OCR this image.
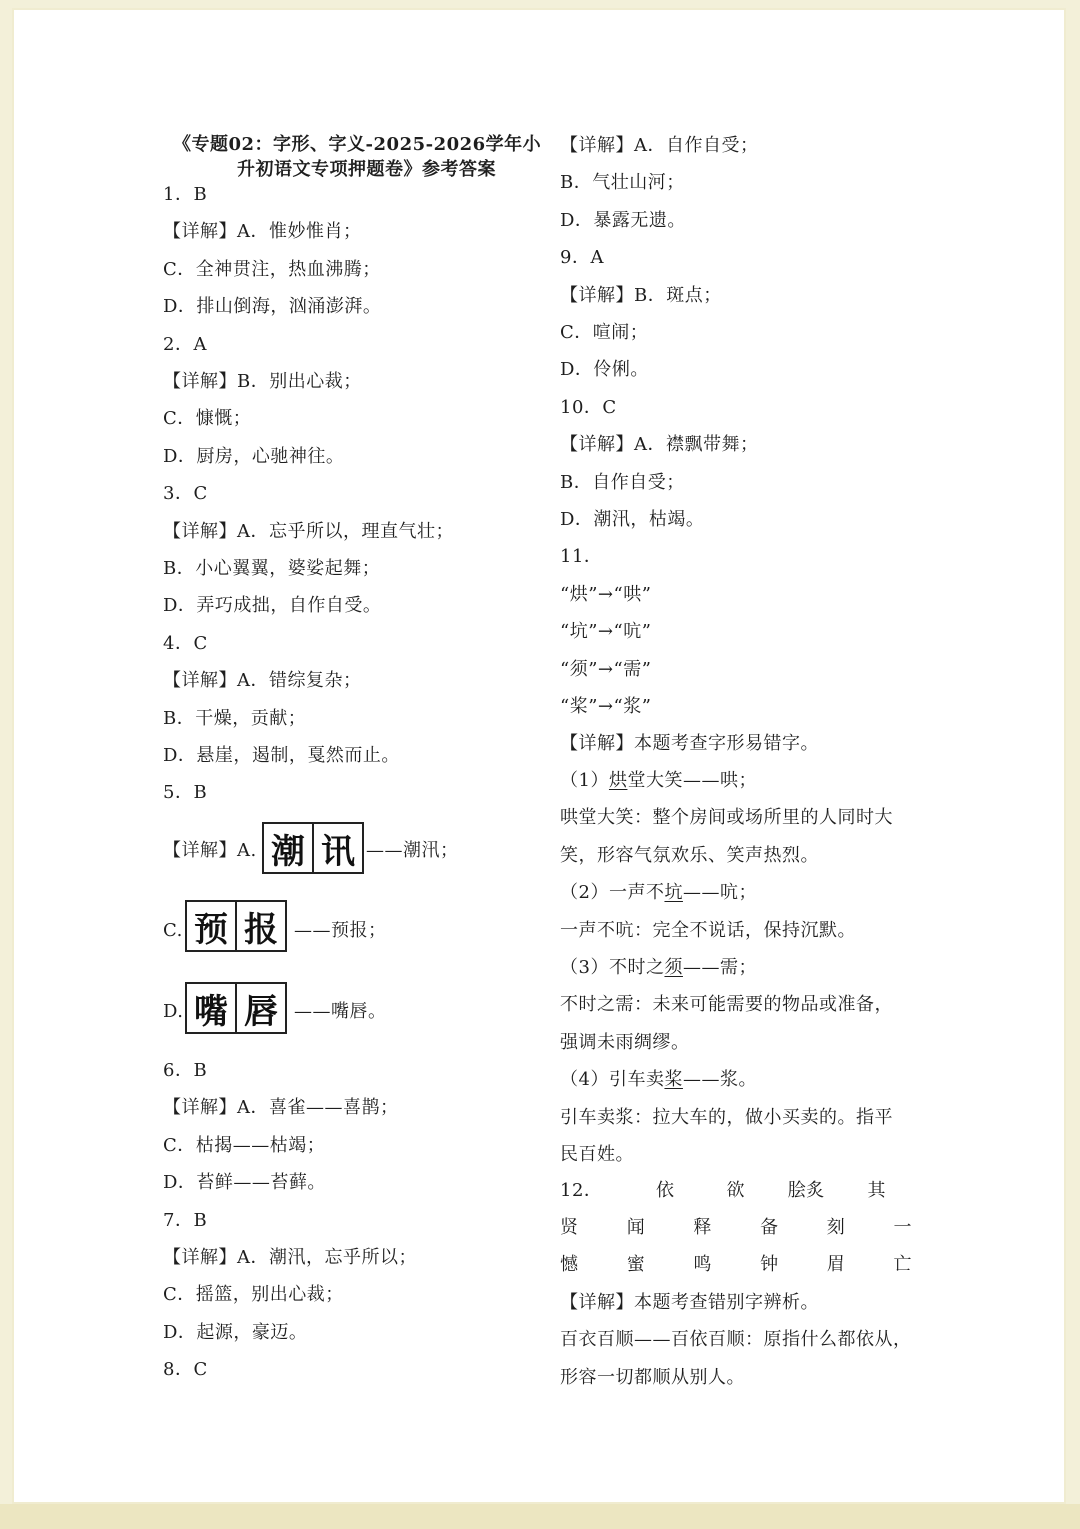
《专题02：字形、字义-2025-2026学年小
升初语文专项押题卷》参考答案
1．B
【详解】A．惟妙惟肖；
C．全神贯注，热血沸腾；
D．排山倒海，汹涌澎湃。
2．A
【详解】B．别出心裁；
C．慷慨；
D．厨房，心驰神往。
3．C
【详解】A．忘乎所以，理直气壮；
B．小心翼翼，婆娑起舞；
D．弄巧成拙，自作自受。
4．C
【详解】A．错综复杂；
B．干燥，贡献；
D．悬崖，遏制，戛然而止。
5．B
6．B
【详解】A．喜雀——喜鹊；
C．枯揭——枯竭；
D．苔鲜——苔藓。
7．B
【详解】A．潮汛，忘乎所以；
C．摇篮，别出心裁；
D．起源，豪迈。
8．C
【详解】A. 潮 讯 ——潮汛；
C. 预 报 ——预报；
D. 嘴 唇 ——嘴唇。
【详解】A．自作自受；
B．气壮山河；
D．暴露无遗。
9．A
【详解】B．斑点；
C．喧闹；
D．伶俐。
10．C
【详解】A．襟飘带舞；
B．自作自受；
D．潮汛，枯竭。
11．
“烘”→“哄”
“坑”→“吭”
“须”→“需”
“桨”→“浆”
【详解】本题考查字形易错字。
（1）烘堂大笑——哄；
哄堂大笑：整个房间或场所里的人同时大
笑，形容气氛欢乐、笑声热烈。
（2）一声不坑——吭；
一声不吭：完全不说话，保持沉默。
（3）不时之须——需；
不时之需：未来可能需要的物品或准备，
强调未雨绸缪。
（4）引车卖桨——浆。
引车卖浆：拉大车的，做小买卖的。指平
民百姓。
【详解】本题考查错别字辨析。
百衣百顺——百依百顺：原指什么都依从，
形容一切都顺从别人。
12．	依	欲	脍炙	其
贤	闻	释	备	刻	一
憾	蜜	鸣	钟	眉	亡
